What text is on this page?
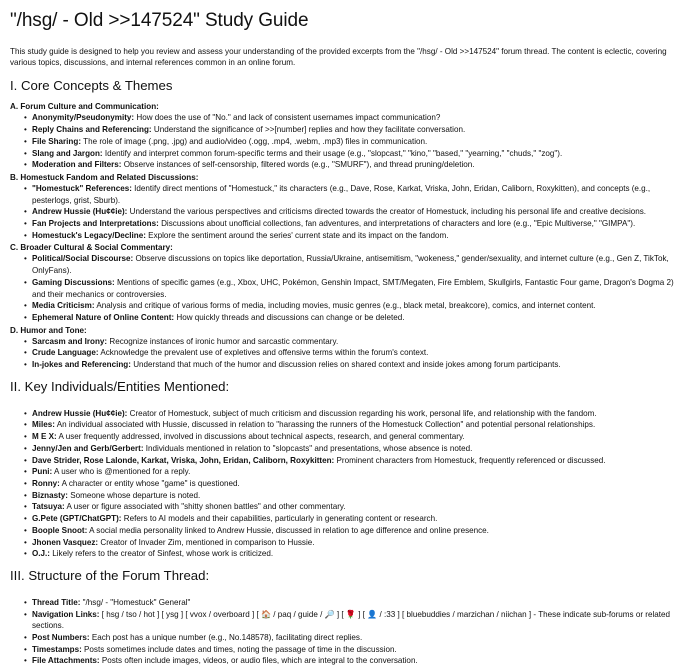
"/hsg/ - Old >>147524" Study Guide

This study guide is designed to help you review and assess your understanding of the provided excerpts from the "/hsg/ - Old >>147524" forum thread. The content is eclectic, covering various topics, discussions, and internal references common in an online forum.

I. Core Concepts & Themes
A. Forum Culture and Communication:
• Anonymity/Pseudonymity: How does the use of "No." and lack of consistent usernames impact communication?
• Reply Chains and Referencing: Understand the significance of >>[number] replies and how they facilitate conversation.
• File Sharing: The role of image (.png, .jpg) and audio/video (.ogg, .mp4, .webm, .mp3) files in communication.
• Slang and Jargon: Identify and interpret common forum-specific terms and their usage (e.g., "slopcast," "kino," "based," "yearning," "chuds," "zog").
• Moderation and Filters: Observe instances of self-censorship, filtered words (e.g., "SMURF"), and thread pruning/deletion.
B. Homestuck Fandom and Related Discussions:
• "Homestuck" References: Identify direct mentions of "Homestuck," its characters (e.g., Dave, Rose, Karkat, Vriska, John, Eridan, Caliborn, Roxykitten), and concepts (e.g., pesterlogs, grist, Sburb).
• Andrew Hussie (Hu¢¢ie): Understand the various perspectives and criticisms directed towards the creator of Homestuck, including his personal life and creative decisions.
• Fan Projects and Interpretations: Discussions about unofficial collections, fan adventures, and interpretations of characters and lore (e.g., "Epic Multiverse," "GIMPA").
• Homestuck's Legacy/Decline: Explore the sentiment around the series' current state and its impact on the fandom.
C. Broader Cultural & Social Commentary:
• Political/Social Discourse: Observe discussions on topics like deportation, Russia/Ukraine, antisemitism, "wokeness," gender/sexuality, and internet culture (e.g., Gen Z, TikTok, OnlyFans).
• Gaming Discussions: Mentions of specific games (e.g., Xbox, UHC, Pokémon, Genshin Impact, SMT/Megaten, Fire Emblem, Skullgirls, Fantastic Four game, Dragon's Dogma 2) and their mechanics or controversies.
• Media Criticism: Analysis and critique of various forms of media, including movies, music genres (e.g., black metal, breakcore), comics, and internet content.
• Ephemeral Nature of Online Content: How quickly threads and discussions can change or be deleted.
D. Humor and Tone:
• Sarcasm and Irony: Recognize instances of ironic humor and sarcastic commentary.
• Crude Language: Acknowledge the prevalent use of expletives and offensive terms within the forum's context.
• In-jokes and Referencing: Understand that much of the humor and discussion relies on shared context and inside jokes among forum participants.
II. Key Individuals/Entities Mentioned:
• Andrew Hussie (Hu¢¢ie): Creator of Homestuck, subject of much criticism and discussion regarding his work, personal life, and relationship with the fandom.
• Miles: An individual associated with Hussie, discussed in relation to "harassing the runners of the Homestuck Collection" and potential personal relationships.
• M E X: A user frequently addressed, involved in discussions about technical aspects, research, and general commentary.
• Jenny/Jen and Gerb/Gerbert: Individuals mentioned in relation to "slopcasts" and presentations, whose absence is noted.
• Dave Strider, Rose Lalonde, Karkat, Vriska, John, Eridan, Caliborn, Roxykitten: Prominent characters from Homestuck, frequently referenced or discussed.
• Puni: A user who is @mentioned for a reply.
• Ronny: A character or entity whose "game" is questioned.
• Biznasty: Someone whose departure is noted.
• Tatsuya: A user or figure associated with "shitty shonen battles" and other commentary.
• G.Pete (GPT/ChatGPT): Refers to AI models and their capabilities, particularly in generating content or research.
• Boople Snoot: A social media personality linked to Andrew Hussie, discussed in relation to age difference and online presence.
• Jhonen Vasquez: Creator of Invader Zim, mentioned in comparison to Hussie.
• O.J.: Likely refers to the creator of Sinfest, whose work is criticized.
III. Structure of the Forum Thread:
• Thread Title: "/hsg/ - "Homestuck" General"
• Navigation Links: [ hsg / tso / hot ] [ ysg ] [ vvox / overboard ] [ 🏠 / paq / guide / 🔎 ] [ 🌹 ] [ 👤 / :33 ] [ bluebuddies / marzichan / niichan ] - These indicate sub-forums or related sections.
• Post Numbers: Each post has a unique number (e.g., No.148578), facilitating direct replies.
• Timestamps: Posts sometimes include dates and times, noting the passage of time in the discussion.
• File Attachments: Posts often include images, videos, or audio files, which are integral to the conversation.
